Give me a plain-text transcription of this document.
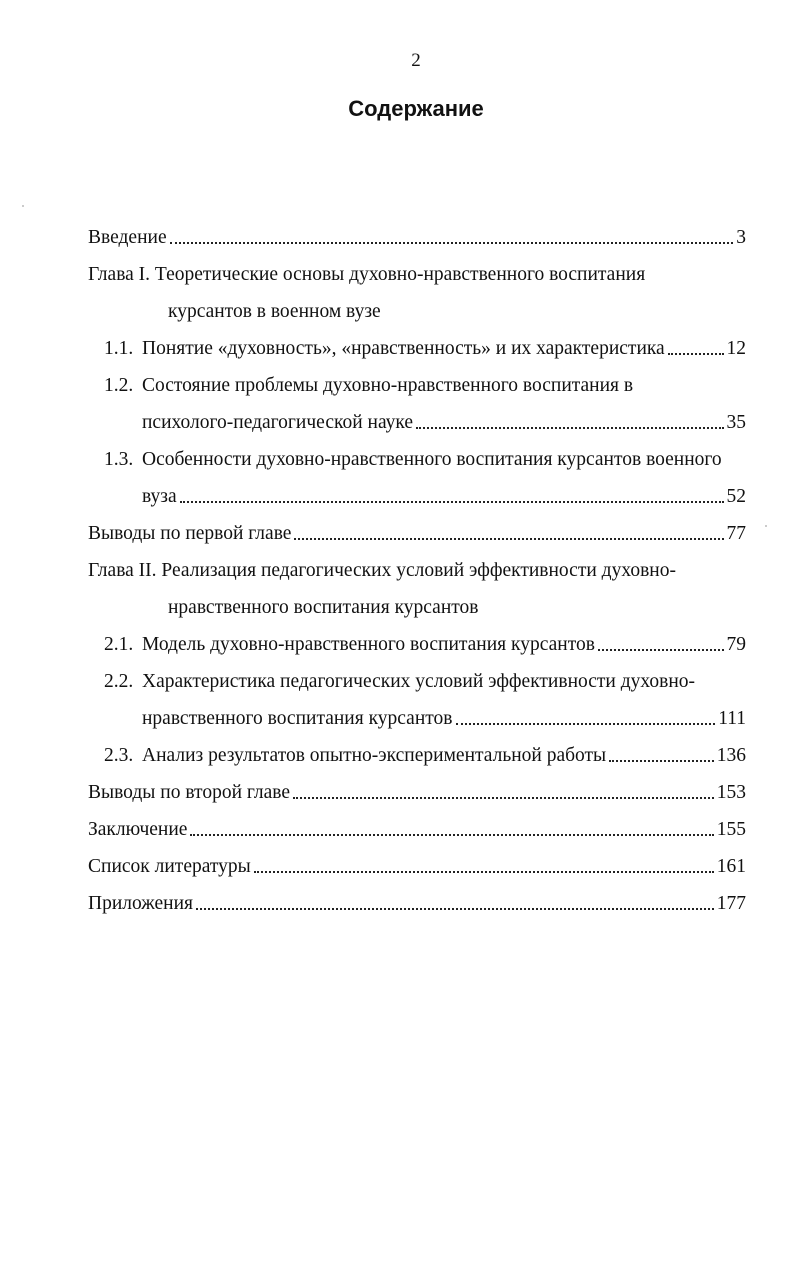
2
Содержание
Введение	3
Глава I. Теоретические основы духовно-нравственного воспитания
курсантов в военном вузе
1.1. Понятие «духовность», «нравственность» и их характеристика	12
1.2. Состояние проблемы духовно-нравственного воспитания в
психолого-педагогической науке	35
1.3. Особенности духовно-нравственного воспитания курсантов военного
вуза	52
Выводы по первой главе	77
Глава II. Реализация педагогических условий эффективности духовно-
нравственного воспитания курсантов
2.1. Модель духовно-нравственного воспитания курсантов	79
2.2. Характеристика педагогических условий эффективности духовно-
нравственного воспитания курсантов	111
2.3. Анализ результатов опытно-экспериментальной работы	136
Выводы по второй главе	153
Заключение	155
Список литературы	161
Приложения	177
